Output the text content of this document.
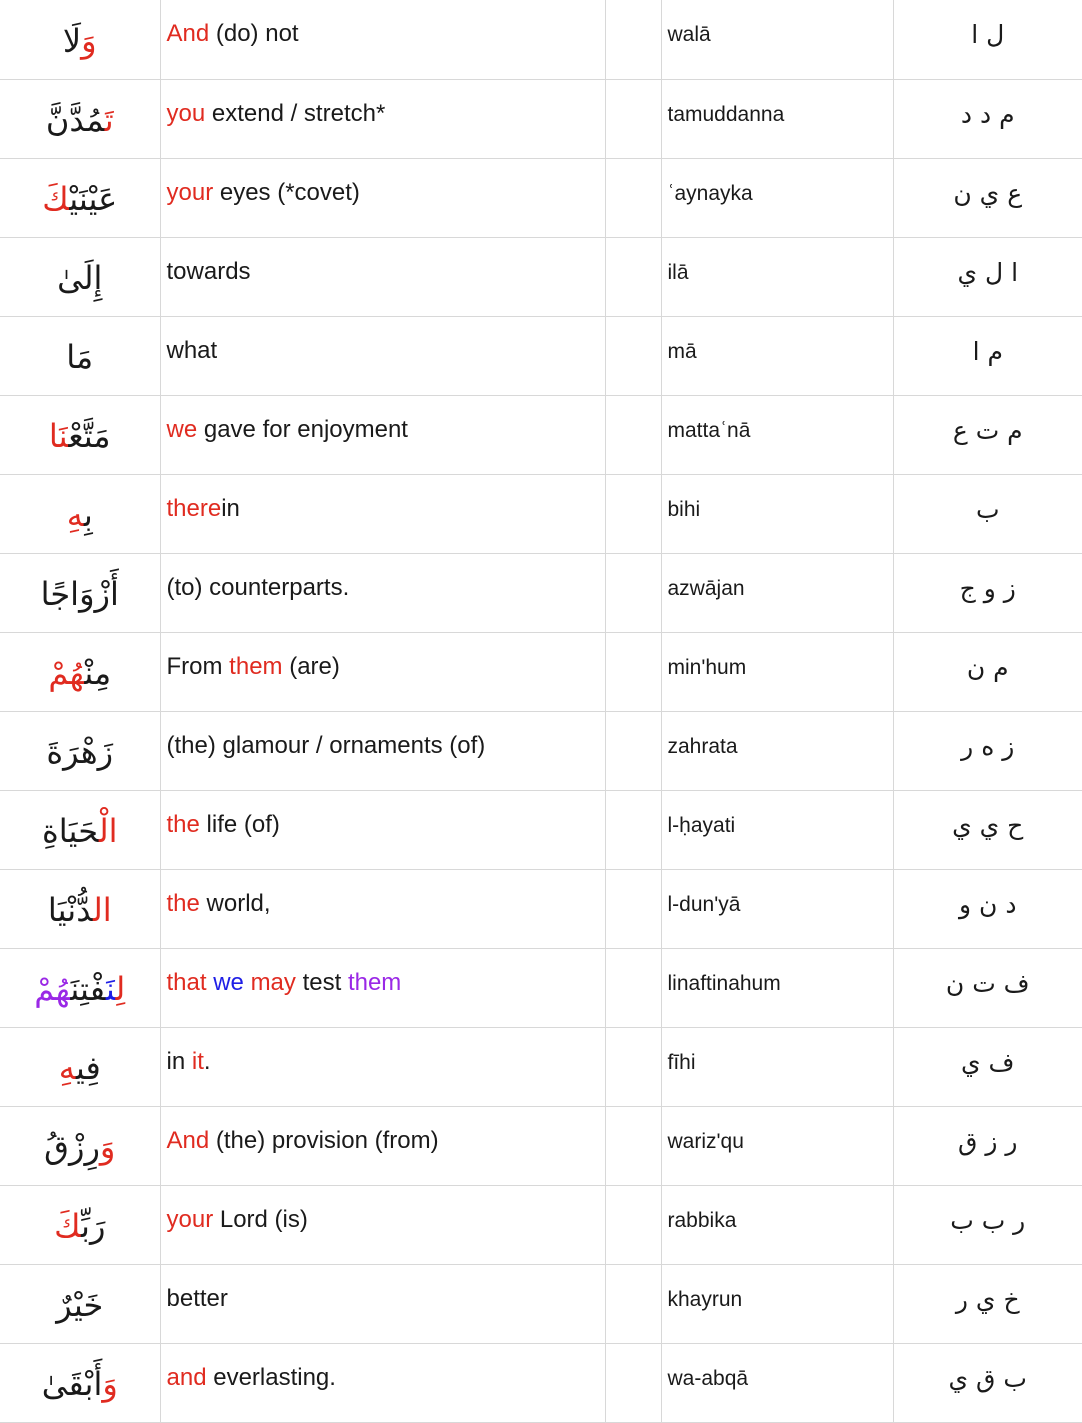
وَلَا	And (do) not		walā	ل ا
تَمُدَّنَّ	you extend / stretch*		tamuddanna	م د د
عَيْنَيْكَ	your eyes (*covet)		ʿaynayka	ع ي ن
إِلَىٰ	towards		ilā	ا ل ي
مَا	what		mā	م ا
مَتَّعْنَا	we gave for enjoyment		mattaʿnā	م ت ع
بِهِ	therein		bihi	ب
أَزْوَاجًا	(to) counterparts.		azwājan	ز و ج
مِنْهُمْ	From them (are)		min'hum	م ن
زَهْرَةَ	(the) glamour / ornaments (of)		zahrata	ز ه ر
الْحَيَاةِ	the life (of)		l-ḥayati	ح ي ي
الدُّنْيَا	the world,		l-dun'yā	د ن و
لِنَفْتِنَهُمْ	that we may test them		linaftinahum	ف ت ن
فِيهِ	in it.		fīhi	ف ي
وَرِزْقُ	And (the) provision (from)		wariz'qu	ر ز ق
رَبِّكَ	your Lord (is)		rabbika	ر ب ب
خَيْرٌ	better		khayrun	خ ي ر
وَأَبْقَىٰ	and everlasting.		wa-abqā	ب ق ي
